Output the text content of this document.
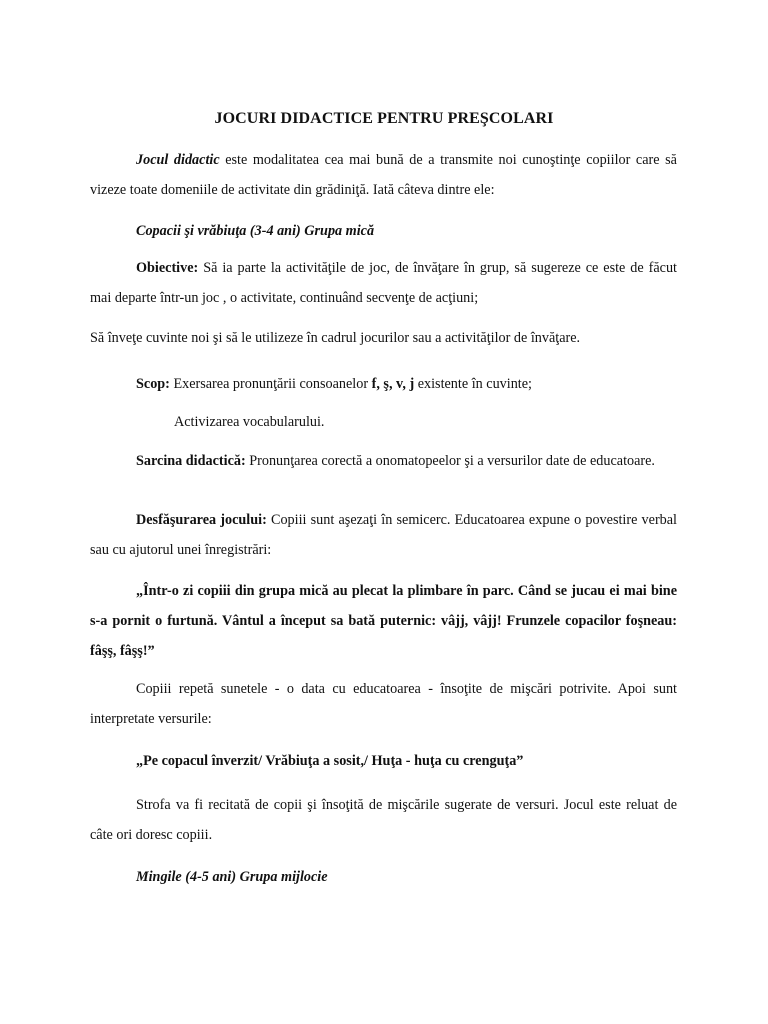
JOCURI DIDACTICE PENTRU PREŞCOLARI
Jocul didactic este modalitatea cea mai bună de a transmite noi cunoştinţe copiilor care să vizeze toate domeniile de activitate din grădiniţă. Iată câteva dintre ele:
Copacii şi vrăbiuţa (3-4 ani) Grupa mică
Obiective: Să ia parte la activităţile de joc, de învăţare în grup, să sugereze ce este de făcut mai departe într-un joc , o activitate, continuând secvenţe de acţiuni;
Să înveţe cuvinte noi şi să le utilizeze în cadrul jocurilor sau a activităţilor de învăţare.
Scop: Exersarea pronunţării consoanelor f, ş, v, j existente în cuvinte;
Activizarea vocabularului.
Sarcina didactică: Pronunţarea corectă a onomatopeelor şi a versurilor date de educatoare.
Desfăşurarea jocului: Copiii sunt aşezaţi în semicerc. Educatoarea expune o povestire verbal sau cu ajutorul unei înregistrări:
„Într-o zi copiii din grupa mică au plecat la plimbare în parc. Când se jucau ei mai bine s-a pornit o furtună. Vântul a început sa bată puternic: vâjj, vâjj! Frunzele copacilor foşneau: fâşş, fâşş!”
Copiii repetă sunetele - o data cu educatoarea - însoţite de mişcări potrivite. Apoi sunt interpretate versurile:
„Pe copacul înverzit/ Vrăbiuţa a sosit,/ Huţa - huţa cu crenguţa”
Strofa va fi recitată de copii şi însoţită de mişcările sugerate de versuri. Jocul este reluat de câte ori doresc copiii.
Mingile (4-5 ani) Grupa mijlocie
